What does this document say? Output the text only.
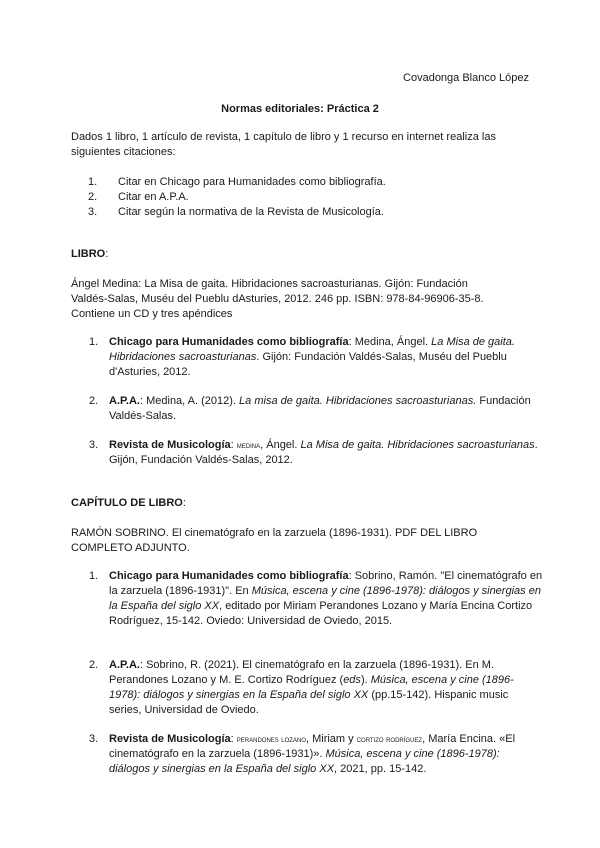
Covadonga Blanco López
Normas editoriales: Práctica 2
Dados 1 libro, 1 artículo de revista, 1 capítulo de libro y 1 recurso en internet realiza las
siguientes citaciones:
1. Citar en Chicago para Humanidades como bibliografía.
2. Citar en A.P.A.
3. Citar según la normativa de la Revista de Musicología.
LIBRO:
Ángel Medina: La Misa de gaita. Hibridaciones sacroasturianas. Gijón: Fundación
Valdés-Salas, Muséu del Pueblu dAsturies, 2012. 246 pp. ISBN: 978-84-96906-35-8.
Contiene un CD y tres apéndices
1. Chicago para Humanidades como bibliografía: Medina, Ángel. La Misa de gaita. Hibridaciones sacroasturianas. Gijón: Fundación Valdés-Salas, Muséu del Pueblu d'Asturies, 2012.
2. A.P.A.: Medina, A. (2012). La misa de gaita. Hibridaciones sacroasturianas. Fundación Valdés-Salas.
3. Revista de Musicología: medina, Ángel. La Misa de gaita. Hibridaciones sacroasturianas. Gijón, Fundación Valdés-Salas, 2012.
CAPÍTULO DE LIBRO:
RAMÓN SOBRINO. El cinematógrafo en la zarzuela (1896-1931). PDF DEL LIBRO
COMPLETO ADJUNTO.
1. Chicago para Humanidades como bibliografía: Sobrino, Ramón. "El cinematógrafo en la zarzuela (1896-1931)". En Música, escena y cine (1896-1978): diálogos y sinergias en la España del siglo XX, editado por Miriam Perandones Lozano y María Encina Cortizo Rodríguez, 15-142. Oviedo: Universidad de Oviedo, 2015.
2. A.P.A.: Sobrino, R. (2021). El cinematógrafo en la zarzuela (1896-1931). En M. Perandones Lozano y M. E. Cortizo Rodríguez (eds). Música, escena y cine (1896-1978): diálogos y sinergias en la España del siglo XX (pp.15-142). Hispanic music series, Universidad de Oviedo.
3. Revista de Musicología: perandones lozano, Miriam y cortizo rodríguez, María Encina. «El cinematógrafo en la zarzuela (1896-1931)». Música, escena y cine (1896-1978): diálogos y sinergias en la España del siglo XX, 2021, pp. 15-142.
